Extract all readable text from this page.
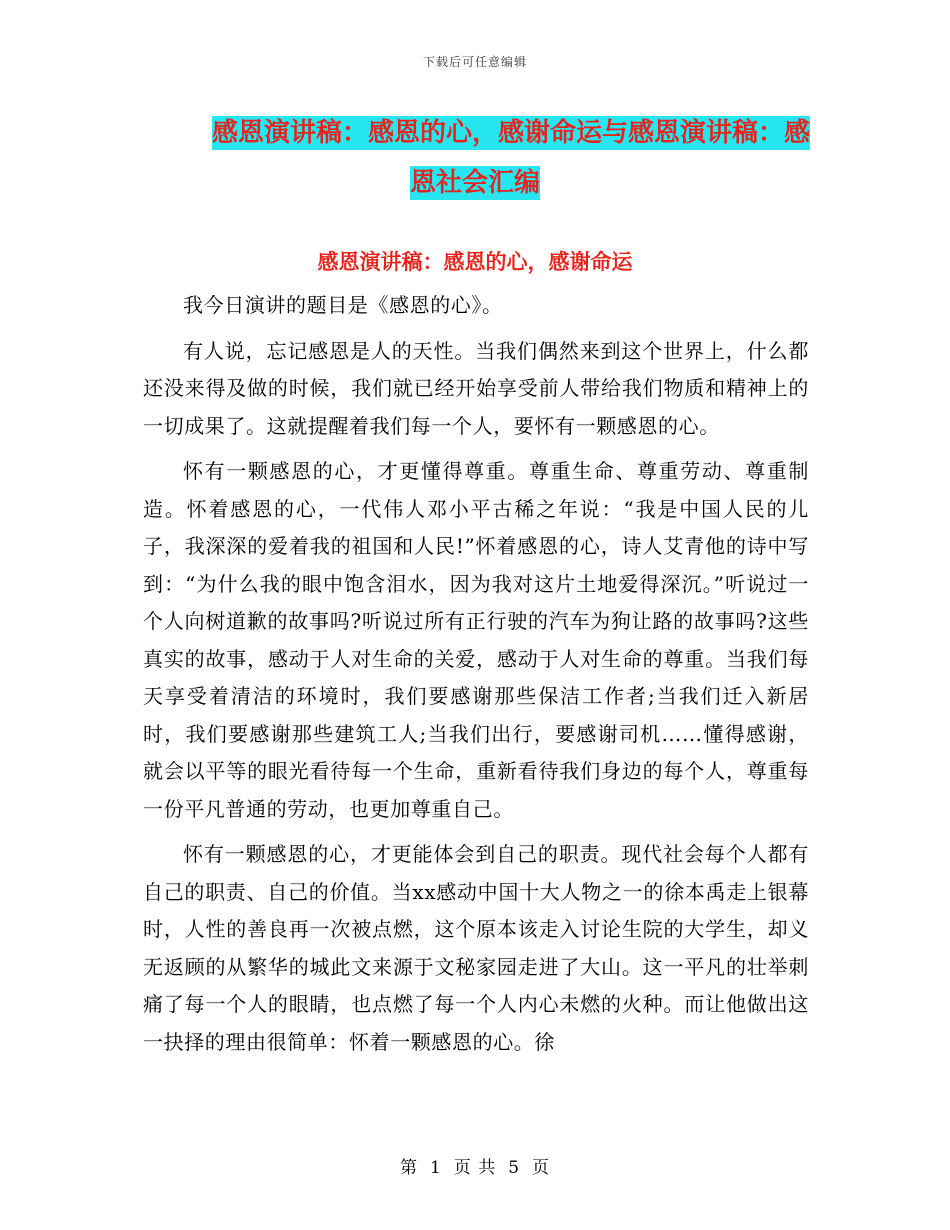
下载后可任意编辑
感恩演讲稿：感恩的心，感谢命运与感恩演讲稿：感
恩社会汇编
感恩演讲稿：感恩的心，感谢命运

我今日演讲的题目是《感恩的心》。

有人说，忘记感恩是人的天性。当我们偶然来到这个世界上，什么都还没来得及做的时候，我们就已经开始享受前人带给我们物质和精神上的一切成果了。这就提醒着我们每一个人，要怀有一颗感恩的心。

怀有一颗感恩的心，才更懂得尊重。尊重生命、尊重劳动、尊重制造。怀着感恩的心，一代伟人邓小平古稀之年说：“我是中国人民的儿子，我深深的爱着我的祖国和人民!”怀着感恩的心，诗人艾青他的诗中写到：“为什么我的眼中饱含泪水，因为我对这片土地爱得深沉。”听说过一个人向树道歉的故事吗?听说过所有正行驶的汽车为狗让路的故事吗?这些真实的故事，感动于人对生命的关爱，感动于人对生命的尊重。当我们每天享受着清洁的环境时，我们要感谢那些保洁工作者;当我们迁入新居时，我们要感谢那些建筑工人;当我们出行，要感谢司机……懂得感谢，就会以平等的眼光看待每一个生命，重新看待我们身边的每个人，尊重每一份平凡普通的劳动，也更加尊重自己。

怀有一颗感恩的心，才更能体会到自己的职责。现代社会每个人都有自己的职责、自己的价值。当xx感动中国十大人物之一的徐本禹走上银幕时，人性的善良再一次被点燃，这个原本该走入讨论生院的大学生，却义无返顾的从繁华的城此文来源于文秘家园走进了大山。这一平凡的壮举刺痛了每一个人的眼睛，也点燃了每一个人内心未燃的火种。而让他做出这一抉择的理由很简单：怀着一颗感恩的心。徐

第 1 页 共 5 页
